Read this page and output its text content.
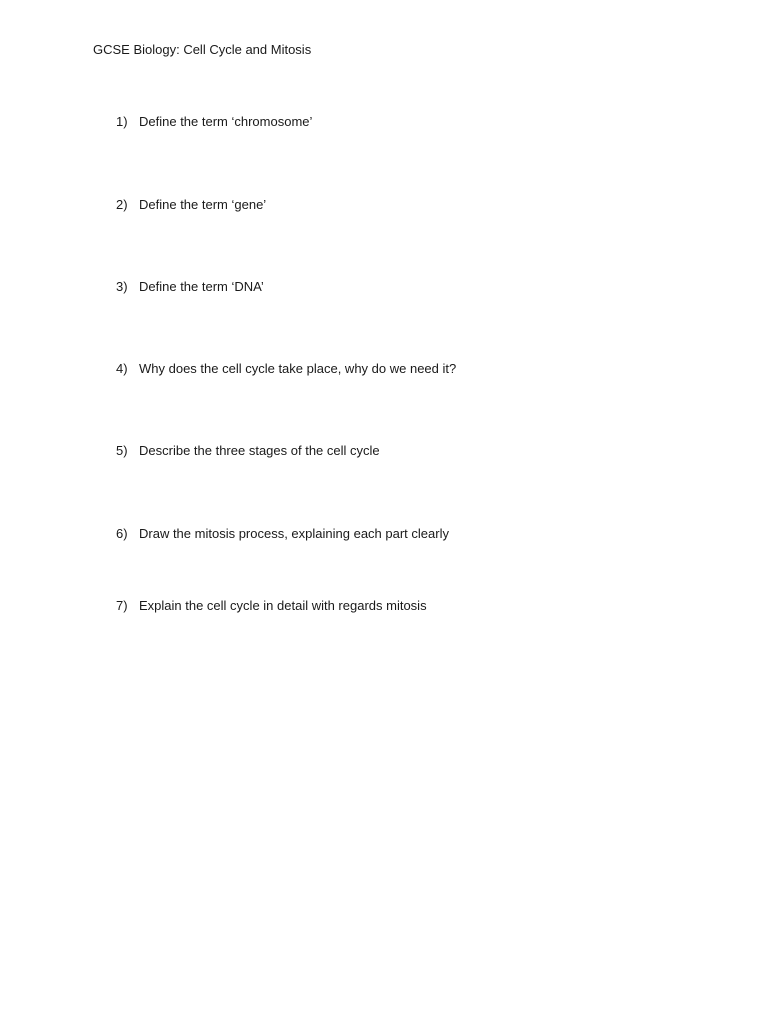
GCSE Biology: Cell Cycle and Mitosis
1) Define the term ‘chromosome’
2) Define the term ‘gene’
3) Define the term ‘DNA’
4) Why does the cell cycle take place, why do we need it?
5) Describe the three stages of the cell cycle
6) Draw the mitosis process, explaining each part clearly
7) Explain the cell cycle in detail with regards mitosis
